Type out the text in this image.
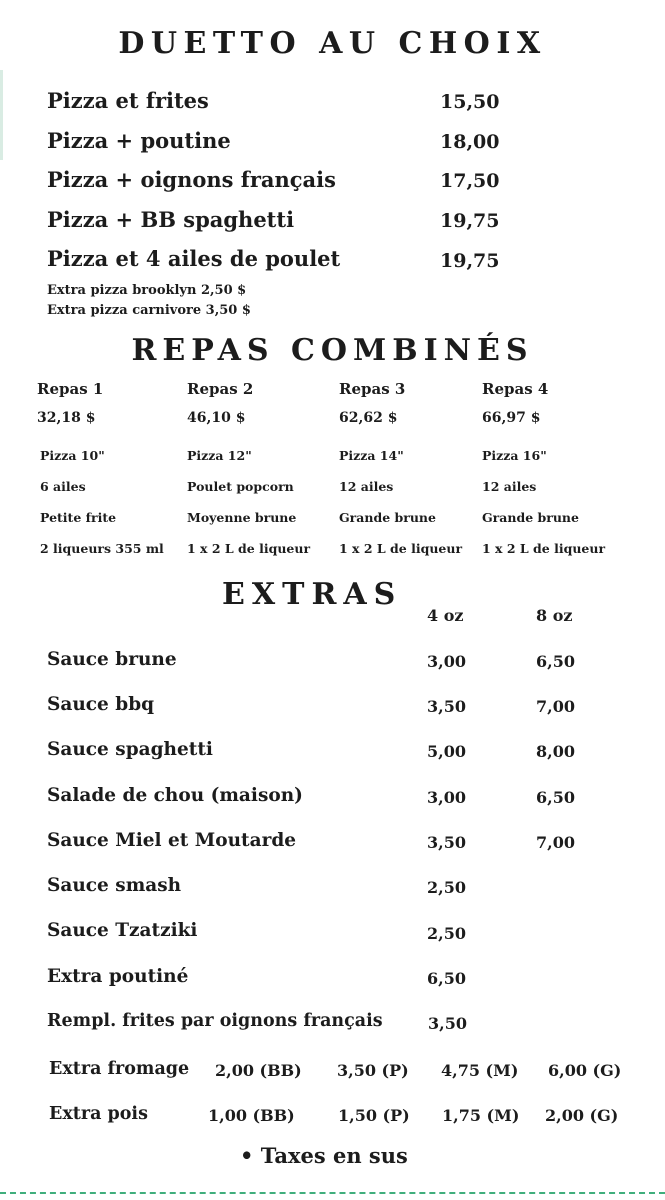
DUETTO AU CHOIX
Pizza et frites	15,50
Pizza + poutine	18,00
Pizza + oignons français	17,50
Pizza + BB spaghetti	19,75
Pizza et 4 ailes de poulet	19,75
Extra pizza brooklyn 2,50 $
Extra pizza carnivore 3,50 $
REPAS COMBINÉS
Repas 1
32,18 $
Pizza 10"
6 ailes
Petite frite
2 liqueurs 355 ml
Repas 2
46,10 $
Pizza 12"
Poulet popcorn
Moyenne brune
1 x 2 L de liqueur
Repas 3
62,62 $
Pizza 14"
12 ailes
Grande brune
1 x 2 L de liqueur
Repas 4
66,97 $
Pizza 16"
12 ailes
Grande brune
1 x 2 L de liqueur
EXTRAS
4 oz	8 oz
Sauce brune	3,00	6,50
Sauce bbq	3,50	7,00
Sauce spaghetti	5,00	8,00
Salade de chou (maison)	3,00	6,50
Sauce Miel et Moutarde	3,50	7,00
Sauce smash	2,50
Sauce Tzatziki	2,50
Extra poutiné	6,50
Rempl. frites par oignons français	3,50
Extra fromage 2,00 (BB) 3,50 (P) 4,75 (M) 6,00 (G)
Extra pois	1,00 (BB)	1,50 (P) 1,75 (M) 2,00 (G)
• Taxes en sus
